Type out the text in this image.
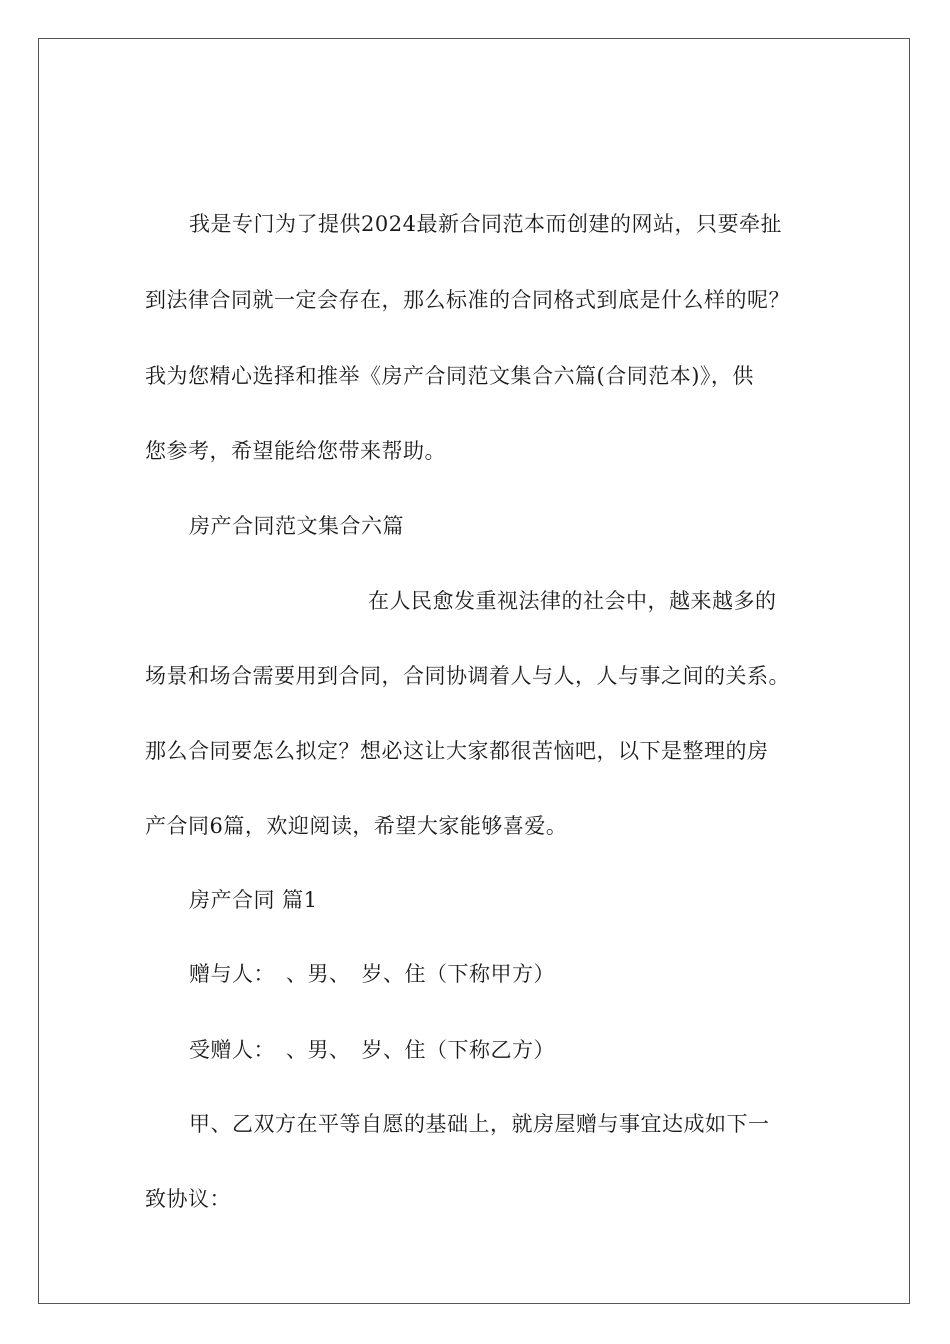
我是专门为了提供2024最新合同范本而创建的网站，只要牵扯
到法律合同就一定会存在，那么标准的合同格式到底是什么样的呢？
我为您精心选择和推举《房产合同范文集合六篇(合同范本)》，供
您参考，希望能给您带来帮助。
房产合同范文集合六篇
在人民愈发重视法律的社会中，越来越多的
场景和场合需要用到合同，合同协调着人与人，人与事之间的关系。
那么合同要怎么拟定？想必这让大家都很苦恼吧，以下是整理的房
产合同6篇，欢迎阅读，希望大家能够喜爱。
房产合同 篇1
赠与人：　、男、　岁、住（下称甲方）
受赠人：　、男、　岁、住（下称乙方）
甲、乙双方在平等自愿的基础上，就房屋赠与事宜达成如下一
致协议：
